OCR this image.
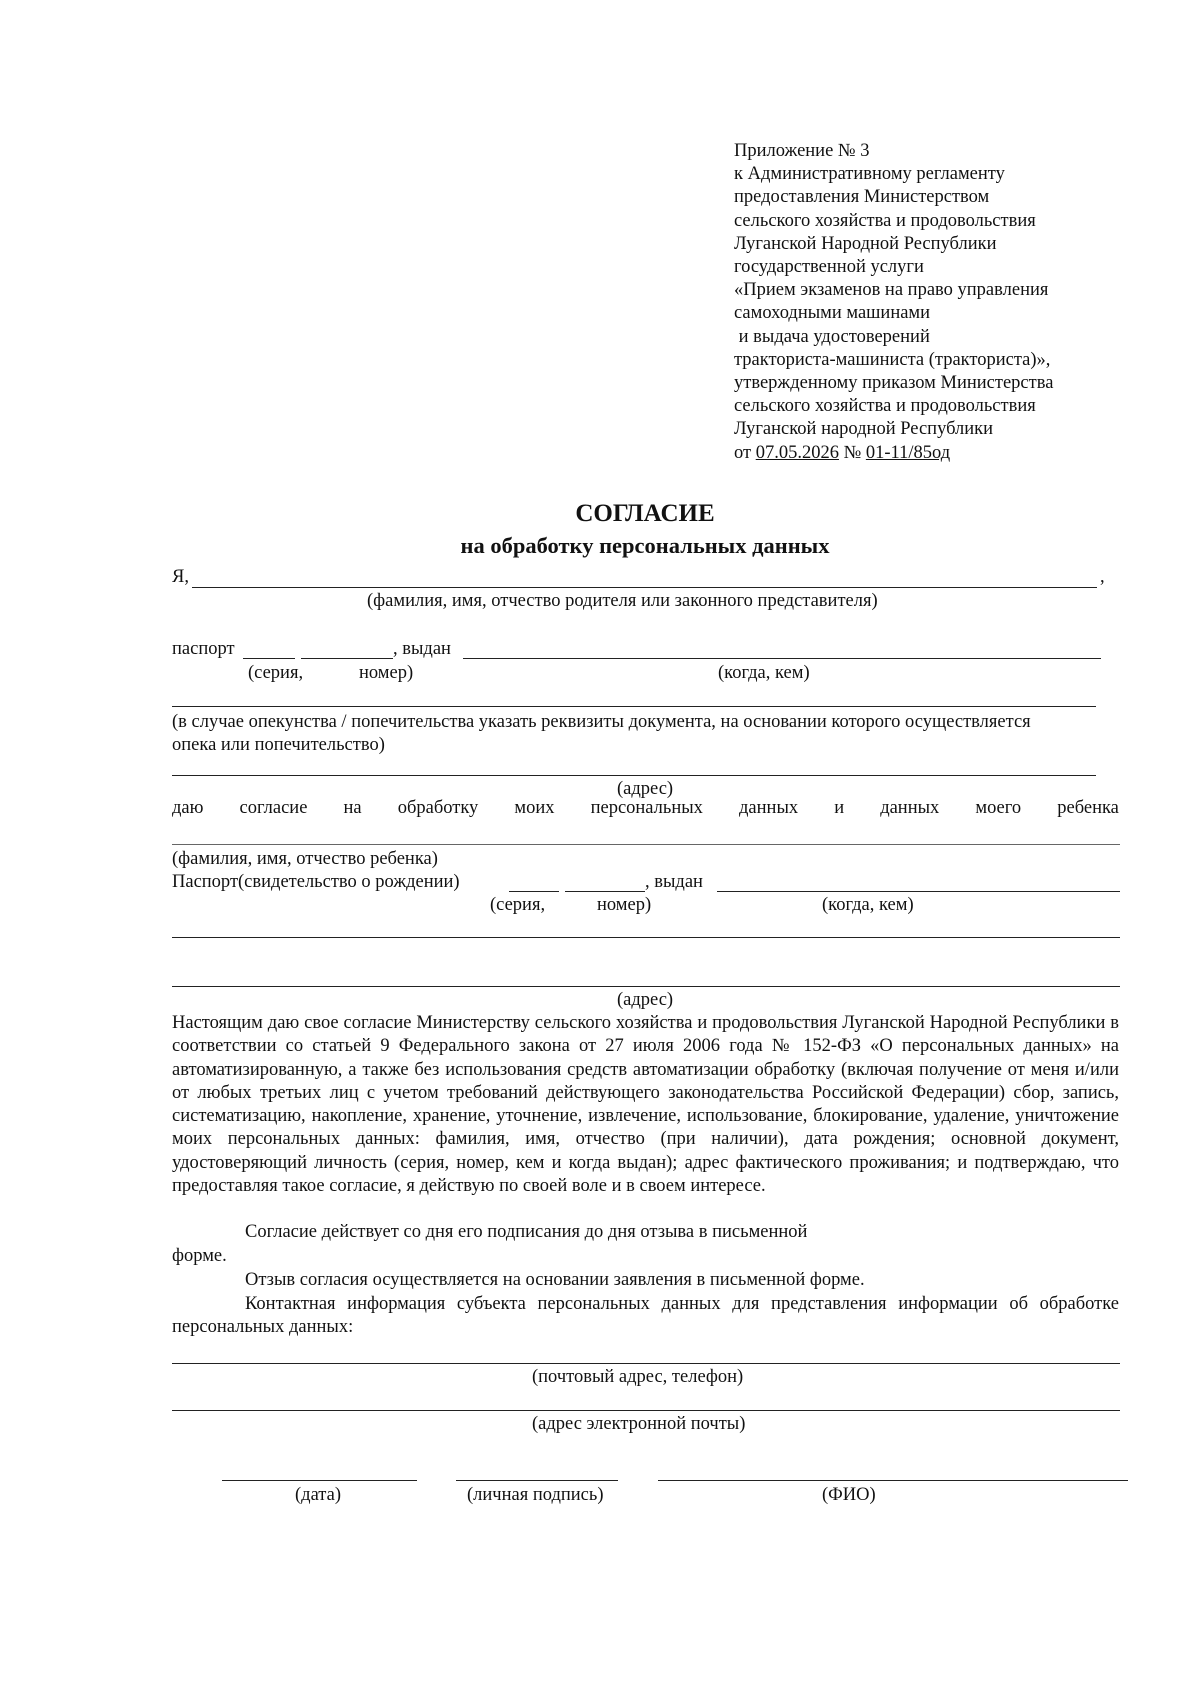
Приложение № 3
к Административному регламенту
предоставления Министерством
сельского хозяйства и продовольствия
Луганской Народной Республики
государственной услуги
«Прием экзаменов на право управления
самоходными машинами
и выдача удостоверений
тракториста-машиниста (тракториста)»,
утвержденному приказом Министерства
сельского хозяйства и продовольствия
Луганской народной Республики
от 07.05.2026 № 01-11/85од
СОГЛАСИЕ
на обработку персональных данных
Я,	,
(фамилия, имя, отчество родителя или законного представителя)
паспорт	, выдан
(серия,	номер)	(когда, кем)
(в случае опекунства / попечительства указать реквизиты документа, на основании которого осуществляется
опека или попечительство)
(адрес)
даю согласие на обработку моих персональных данных и данных моего ребенка
(фамилия, имя, отчество ребенка)
Паспорт(свидетельство о рождении)	, выдан
(серия,	номер)	(когда, кем)
(адрес)
Настоящим даю свое согласие Министерству сельского хозяйства и продовольствия Луганской Народной Республики в соответствии со статьей 9 Федерального закона от 27 июля 2006 года № 152-ФЗ «О персональных данных» на автоматизированную, а также без использования средств автоматизации обработку (включая получение от меня и/или от любых третьих лиц с учетом требований действующего законодательства Российской Федерации) сбор, запись, систематизацию, накопление, хранение, уточнение, извлечение, использование, блокирование, удаление, уничтожение моих персональных данных: фамилия, имя, отчество (при наличии), дата рождения; основной документ, удостоверяющий личность (серия, номер, кем и когда выдан); адрес фактического проживания; и подтверждаю, что предоставляя такое согласие, я действую по своей воле и в своем интересе.
Согласие действует со дня его подписания до дня отзыва в письменной
форме.
Отзыв согласия осуществляется на основании заявления в письменной форме.
Контактная информация субъекта персональных данных для представления информации об обработке персональных данных:
(почтовый адрес, телефон)
(адрес электронной почты)
(дата)	(личная подпись)	(ФИО)
